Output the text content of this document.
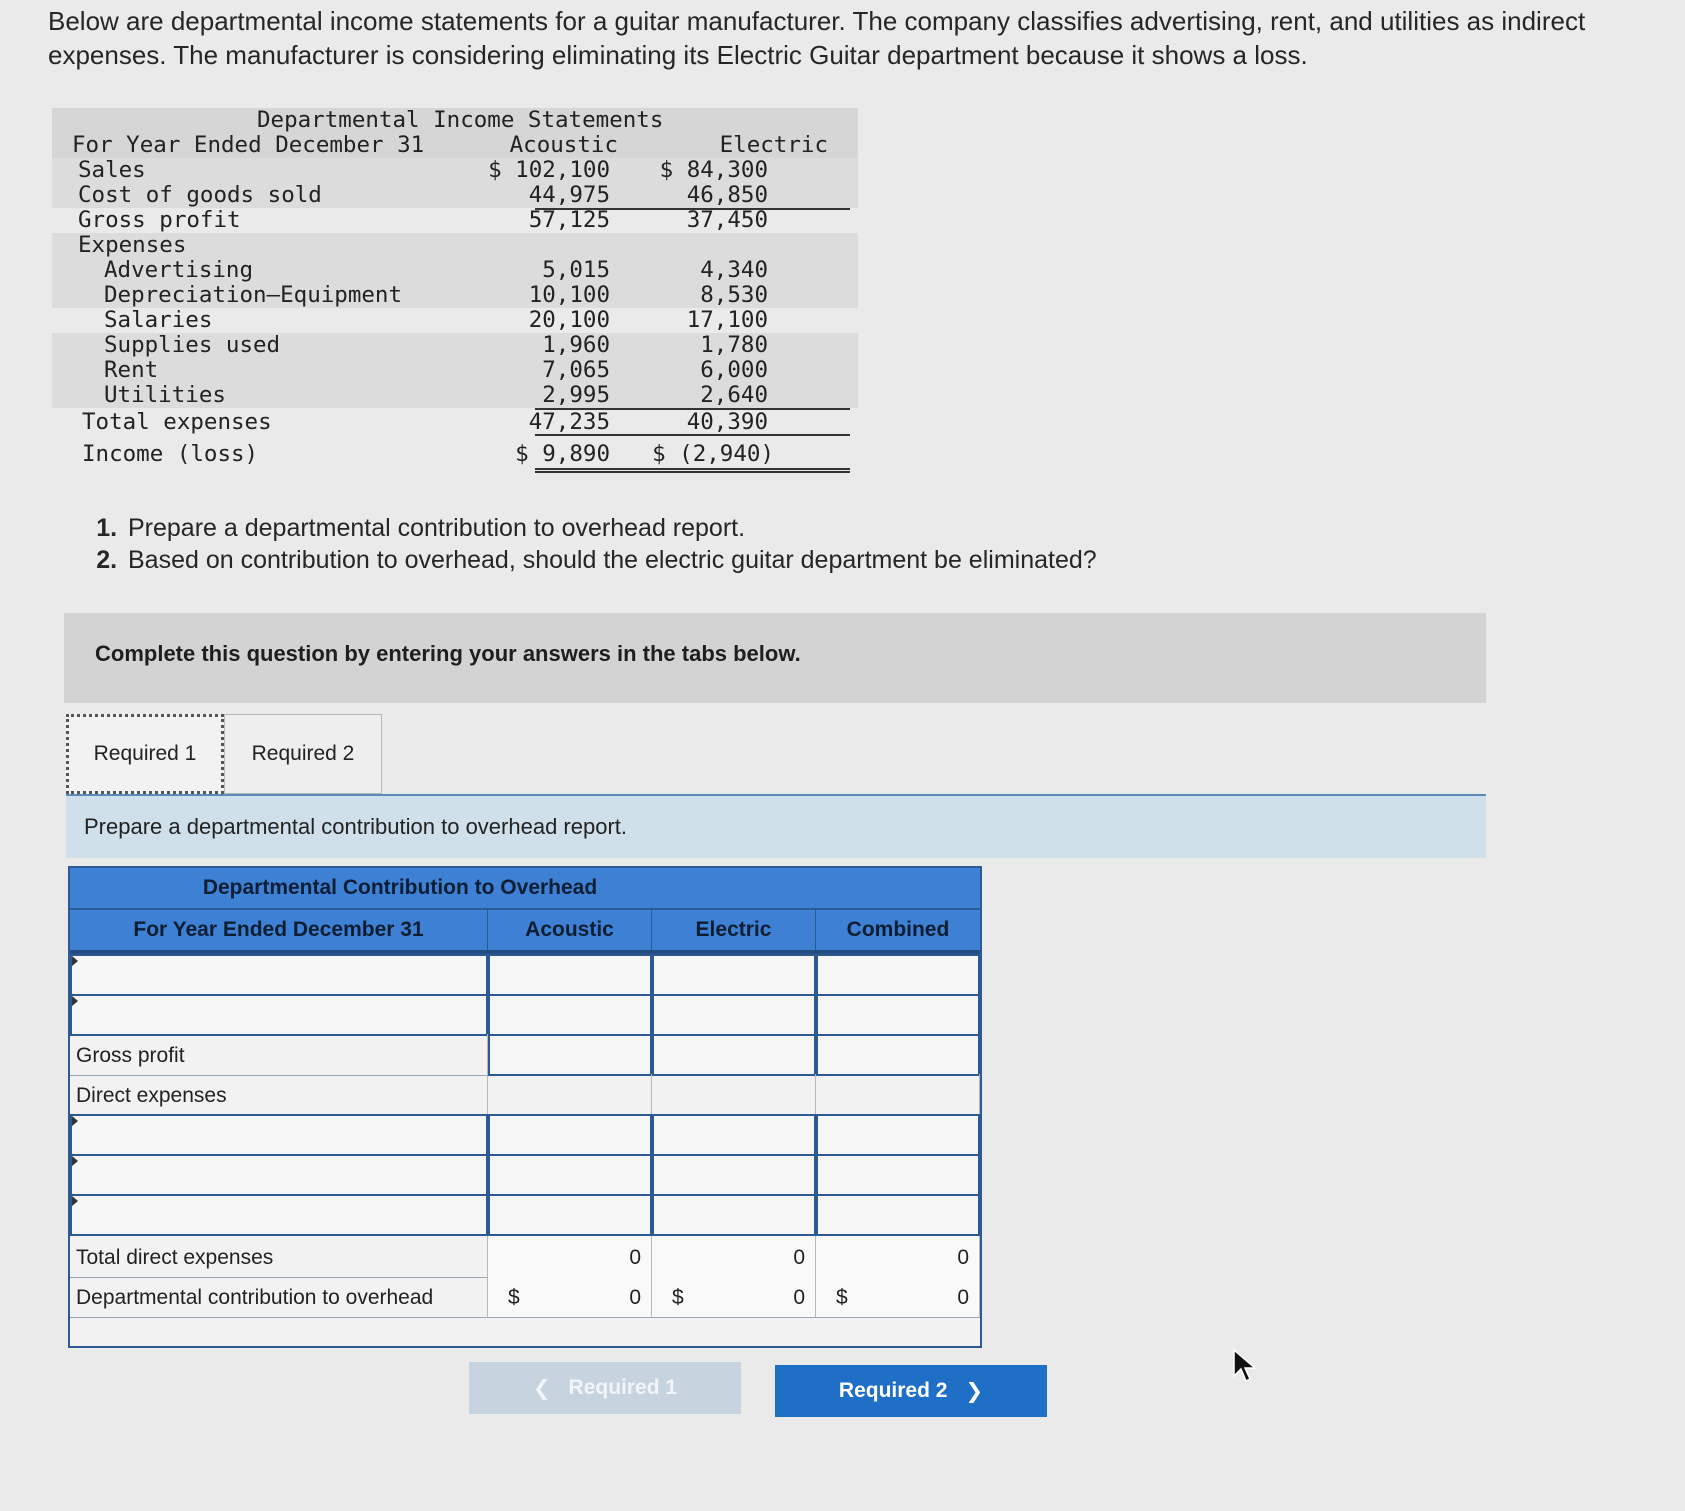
Below are departmental income statements for a guitar manufacturer. The company classifies advertising, rent, and utilities as indirect expenses. The manufacturer is considering eliminating its Electric Guitar department because it shows a loss.
Departmental Income Statements
For Year Ended December 31	Acoustic	Electric
Sales	$ 102,100 $ 84,300
Cost of goods sold	44,975	46,850
Gross profit	57,125	37,450
Expenses
Advertising	5,015	4,340
Depreciation—Equipment	10,100	8,530
Salaries	20,100	17,100
Supplies used	1,960	1,780
Rent	7,065	6,000
Utilities	2,995	2,640
Total expenses	47,235	40,390
Income (loss)	$ 9,890 $ (2,940)
1. Prepare a departmental contribution to overhead report.
2. Based on contribution to overhead, should the electric guitar department be eliminated?
Complete this question by entering your answers in the tabs below.
Required 1	Required 2
Prepare a departmental contribution to overhead report.
Departmental Contribution to Overhead
For Year Ended December 31	Acoustic	Electric	Combined
Gross profit
Direct expenses
Total direct expenses	0	0	0
Departmental contribution to overhead	$	0 $	0 $	0
❮ Required 1	Required 2 ❯
